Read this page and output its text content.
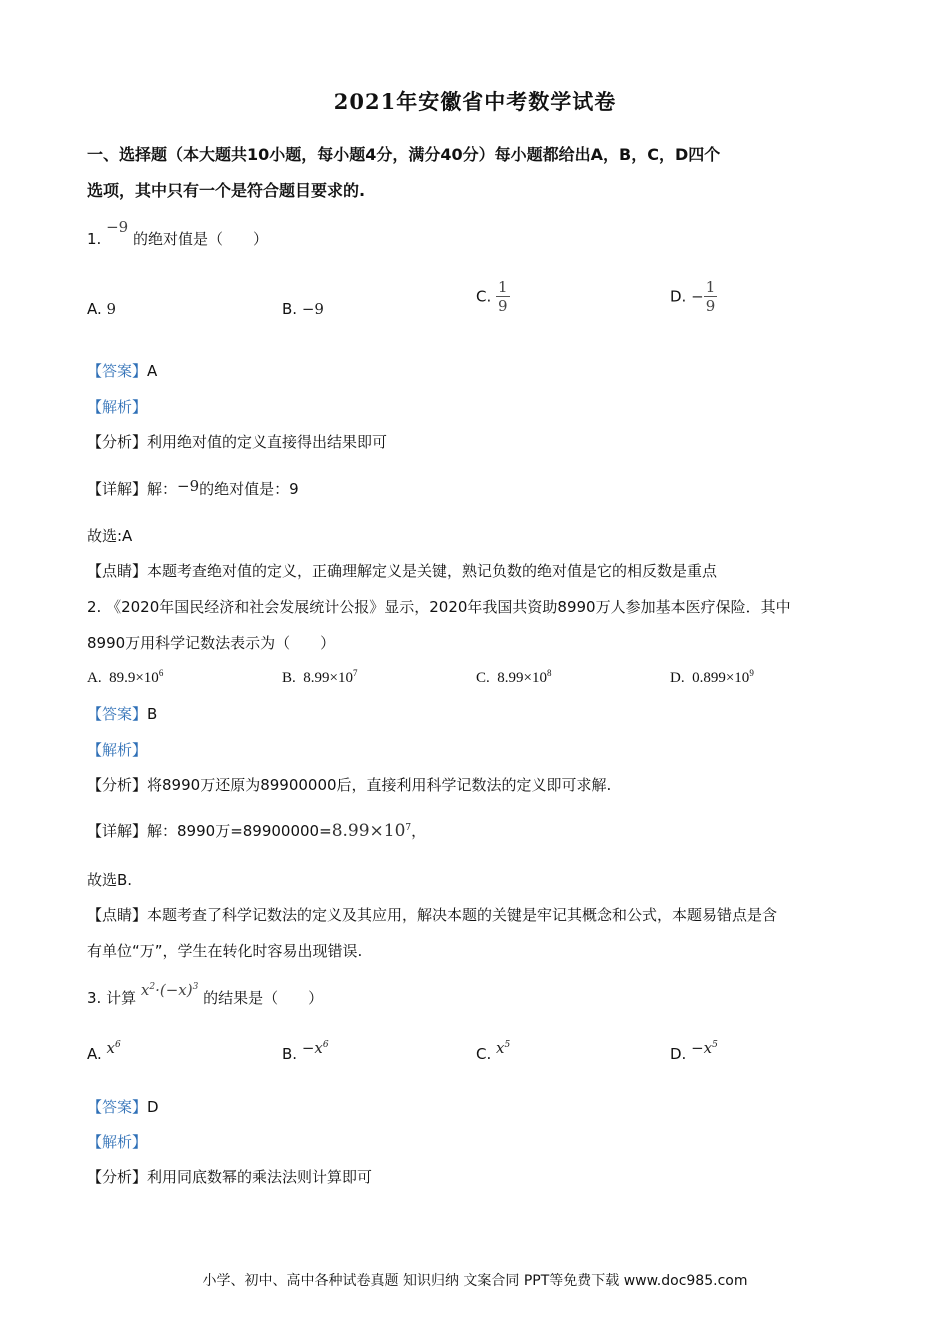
2021年安徽省中考数学试卷
一、选择题（本大题共10小题，每小题4分，满分40分）每小题都给出A，B，C，D四个
选项，其中只有一个是符合题目要求的.
1. −9 的绝对值是（　　）
A. 9	B. −9
C. $\frac{1}{9}$	D. − $\frac{1}{9}$
【答案】A
【解析】
【分析】利用绝对值的定义直接得出结果即可
【详解】解：−9的绝对值是：9
故选:A
【点睛】本题考查绝对值的定义，正确理解定义是关键，熟记负数的绝对值是它的相反数是重点
2. 《2020年国民经济和社会发展统计公报》显示，2020年我国共资助8990万人参加基本医疗保险．其中
8990万用科学记数法表示为（　　）
A. $89.9\times 10^6$	B. $8.99\times 10^7$	C. $8.99\times 10^8$	D. $0.899\times 10^9$
【答案】B
【解析】
【分析】将8990万还原为89900000后，直接利用科学记数法的定义即可求解.
【详解】解：8990万$=89900000=8.99\times 10^7$，
故选B.
【点睛】本题考查了科学记数法的定义及其应用，解决本题的关键是牢记其概念和公式，本题易错点是含
有单位“万”，学生在转化时容易出现错误.
3. 计算 $x^2\cdot(-x)^3$ 的结果是（　　）
A. $x^6$	B. $-x^6$	C. $x^5$	D. $-x^5$
【答案】D
【解析】
【分析】利用同底数幂的乘法法则计算即可
小学、初中、高中各种试卷真题 知识归纳 文案合同 PPT等免费下载 www.doc985.com
